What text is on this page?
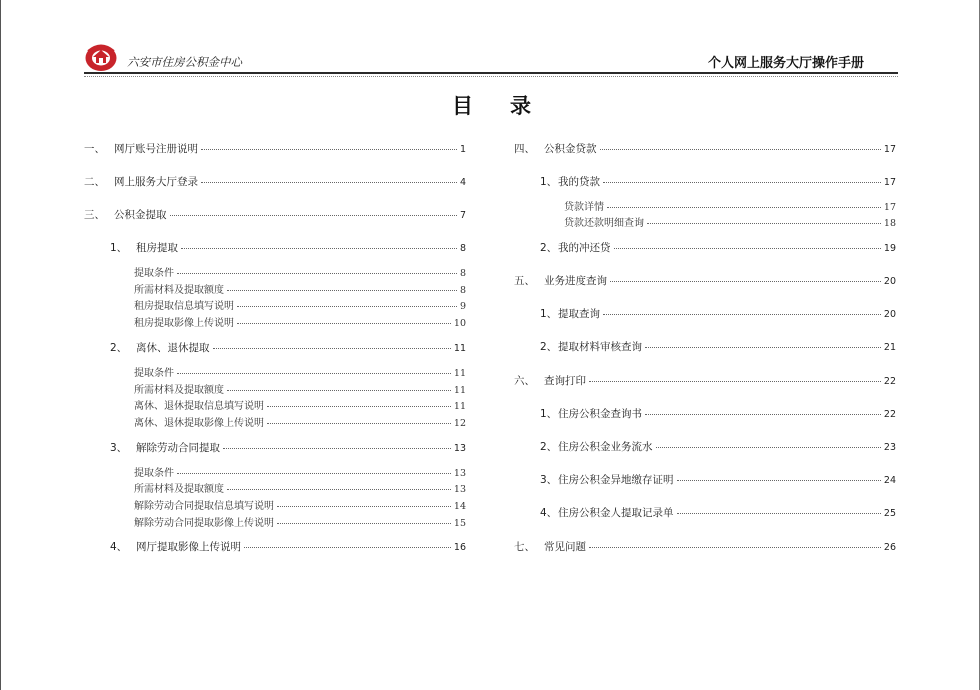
六安市住房公积金中心	个人网上服务大厅操作手册
目录
一、 网厅账号注册说明	1
二、 网上服务大厅登录	4
三、 公积金提取	7
1、 租房提取	8
提取条件	8
所需材料及提取额度	8
租房提取信息填写说明	9
租房提取影像上传说明	10
2、 离休、退休提取	11
提取条件	11
所需材料及提取额度	11
离休、退休提取信息填写说明	11
离休、退休提取影像上传说明	12
3、 解除劳动合同提取	13
提取条件	13
所需材料及提取额度	13
解除劳动合同提取信息填写说明	14
解除劳动合同提取影像上传说明	15
4、 网厅提取影像上传说明	16
四、 公积金贷款	17
1、 我的贷款	17
贷款详情	17
贷款还款明细查询	18
2、 我的冲还贷	19
五、 业务进度查询	20
1、 提取查询	20
2、 提取材料审核查询	21
六、 查询打印	22
1、 住房公积金查询书	22
2、 住房公积金业务流水	23
3、 住房公积金异地缴存证明	24
4、 住房公积金人提取记录单	25
七、 常见问题	26
